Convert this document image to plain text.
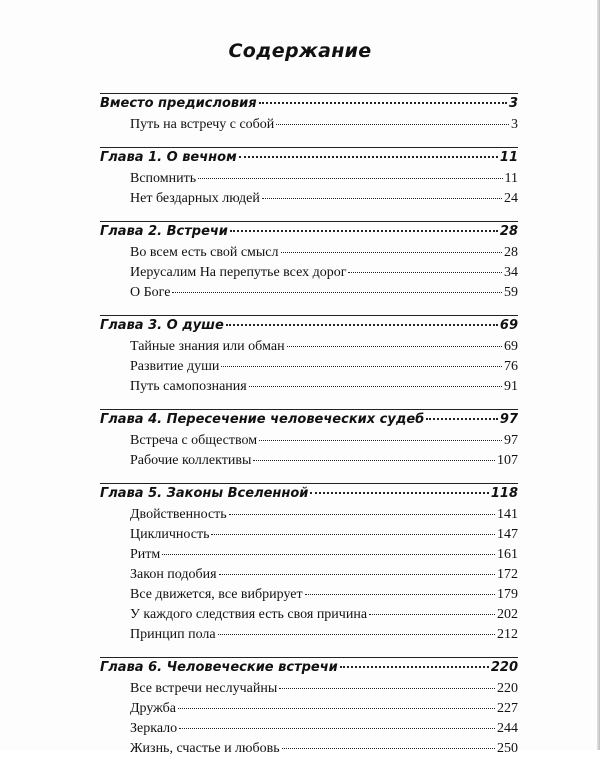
Содержание
Вместо предисловия	3
Путь на встречу с собой	3
Глава 1. О вечном	11
Вспомнить	11
Нет бездарных людей	24
Глава 2. Встречи	28
Во всем есть свой смысл	28
Иерусалим На перепутье всех дорог	34
О Боге	59
Глава 3. О душе	69
Тайные знания или обман	69
Развитие души	76
Путь самопознания	91
Глава 4. Пересечение человеческих судеб	97
Встреча с обществом	97
Рабочие коллективы	107
Глава 5. Законы Вселенной	118
Двойственность	141
Цикличность	147
Ритм	161
Закон подобия	172
Все движется, все вибрирует	179
У каждого следствия есть своя причина	202
Принцип пола	212
Глава 6. Человеческие встречи	220
Все встречи неслучайны	220
Дружба	227
Зеркало	244
Жизнь, счастье и любовь	250
